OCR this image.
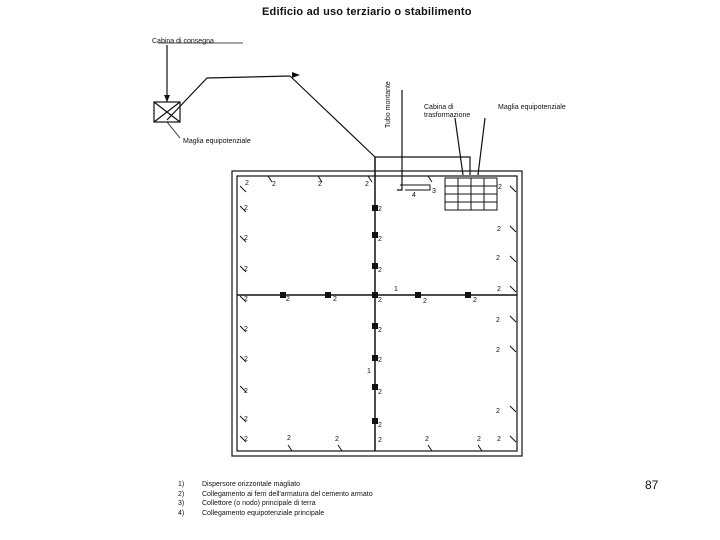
Edificio ad uso terziario o stabilimento
Cabina di consegna
Maglia equipotenziale
Tubo montante	Cabina di trasformazione
Maglia equipotenziale
2	2	2	2
4
3
2
2	2
2
2	2
2
2	2
1
2	2	2	2	2	2
2
2
2	2
2
2	2
1
2	2
2
2
2
2	2	2	2	2	2 2
1)	Dispersore orizzontale magliato
2)	Collegamento ai ferri dell'armatura del cemento armato
3)	Collettore (o nodo) principale di terra
4)	Collegamento equipotenziale principale
87
